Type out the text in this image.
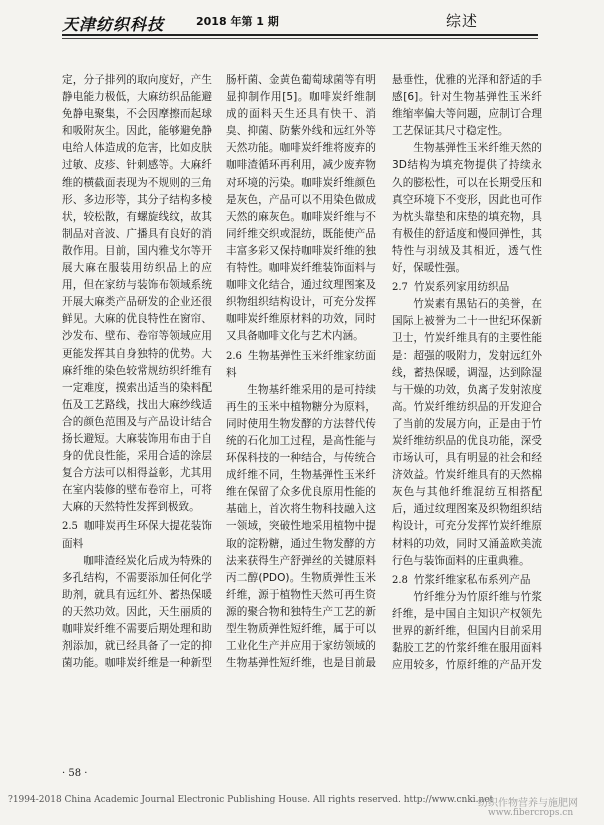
天津纺织科技	2018 年第 1 期	综述

定，分子排列的取向度好，产生静电能力极低，大麻纺织品能避免静电聚集，不会因摩擦而起球和吸附灰尘。因此，能够避免静电给人体造成的危害，比如皮肤过敏、皮疹、针刺感等。大麻纤维的横截面表现为不规则的三角形、多边形等，其分子结构多棱状，较松散，有螺旋线纹，故其制品对音波、广播具有良好的消散作用。目前，国内雅戈尔等开展大麻在服装用纺织品上的应用，但在家纺与装饰布领域系统开展大麻类产品研发的企业还很鲜见。大麻的优良特性在窗帘、沙发布、壁布、卷帘等领域应用更能发挥其自身独特的优势。大麻纤维的染色较常规纺织纤维有一定难度，摸索出适当的染料配伍及工艺路线，找出大麻纱线适合的颜色范围及与产品设计结合扬长避短。大麻装饰用布由于自身的优良性能，采用合适的涂层复合方法可以相得益彰，尤其用在室内装修的壁布卷帘上，可将大麻的天然特性发挥到极致。

2.5 咖啡炭再生环保大提花装饰面料

咖啡渣经炭化后成为特殊的多孔结构，不需要添加任何化学助剂，就具有远红外、蓄热保暖的天然功效。因此，天生丽质的咖啡炭纤维不需要后期处理和助剂添加，就已经具备了一定的抑菌功能。咖啡炭纤维是一种新型

肠杆菌、金黄色葡萄球菌等有明显抑制作用[5]。咖啡炭纤维制成的面料天生还具有快干、消臭、抑菌、防紫外线和远红外等天然功能。咖啡炭纤维将废弃的咖啡渣循环再利用，减少废弃物对环境的污染。咖啡炭纤维颜色是灰色，产品可以不用染色做成天然的麻灰色。咖啡炭纤维与不同纤维交织或混纺，既能使产品丰富多彩又保持咖啡炭纤维的独有特性。咖啡炭纤维装饰面料与咖啡文化结合，通过纹理图案及织物组织结构设计，可充分发挥咖啡炭纤维原材料的功效，同时又具备咖啡文化与艺术内涵。

2.6 生物基弹性玉米纤维家纺面料

生物基纤维采用的是可持续再生的玉米中植物糖分为原料，同时使用生物发酵的方法替代传统的石化加工过程，是高性能与环保科技的一种结合，与传统合成纤维不同，生物基弹性玉米纤维在保留了众多优良原用性能的基础上，首次将生物科技融入这一领域，突破性地采用植物中提取的淀粉糖，通过生物发酵的方法来获得生产舒弹丝的关键原料丙二醇(PDO)。生物质弹性玉米纤维，源于植物性天然可再生资源的聚合物和独特生产工艺的新型生物质弹性短纤维，属于可以工业化生产并应用于家纺领域的生物基弹性短纤维，也是目前最

悬垂性，优雅的光泽和舒适的手感[6]。针对生物基弹性玉米纤维缩率偏大等问题，应制订合理工艺保证其尺寸稳定性。

生物基弹性玉米纤维天然的3D结构为填充物提供了持续永久的膨松性，可以在长期受压和真空环境下不变形，因此也可作为枕头靠垫和床垫的填充物，具有极佳的舒适度和慢回弹性，其特性与羽绒及其相近，透气性好，保暖性强。

2.7 竹炭系列家用纺织品

竹炭素有黑钻石的美誉，在国际上被誉为二十一世纪环保新卫士，竹炭纤维具有的主要性能是：超强的吸附力，发射远红外线，蓄热保暖，调湿，达到除湿与干燥的功效，负离子发射浓度高。竹炭纤维纺织品的开发迎合了当前的发展方向，正是由于竹炭纤维纺织品的优良功能，深受市场认可，具有明显的社会和经济效益。竹炭纤维具有的天然棉灰色与其他纤维混纺互相搭配后，通过纹理图案及织物组织结构设计，可充分发挥竹炭纤维原材料的功效，同时又涌盖欧美流行色与装饰面料的庄重典雅。

2.8 竹浆纤维家私布系列产品

竹纤维分为竹原纤维与竹浆纤维，是中国自主知识产权领先世界的新纤维，但国内目前采用黏胶工艺的竹浆纤维在服用面料应用较多，竹原纤维的产品开发

· 58 ·
?1994-2018 China Academic Journal Electronic Publishing House. All rights reserved. http://www.cnki.net
纺织作物营养与施肥网
www.fibercrops.cn
